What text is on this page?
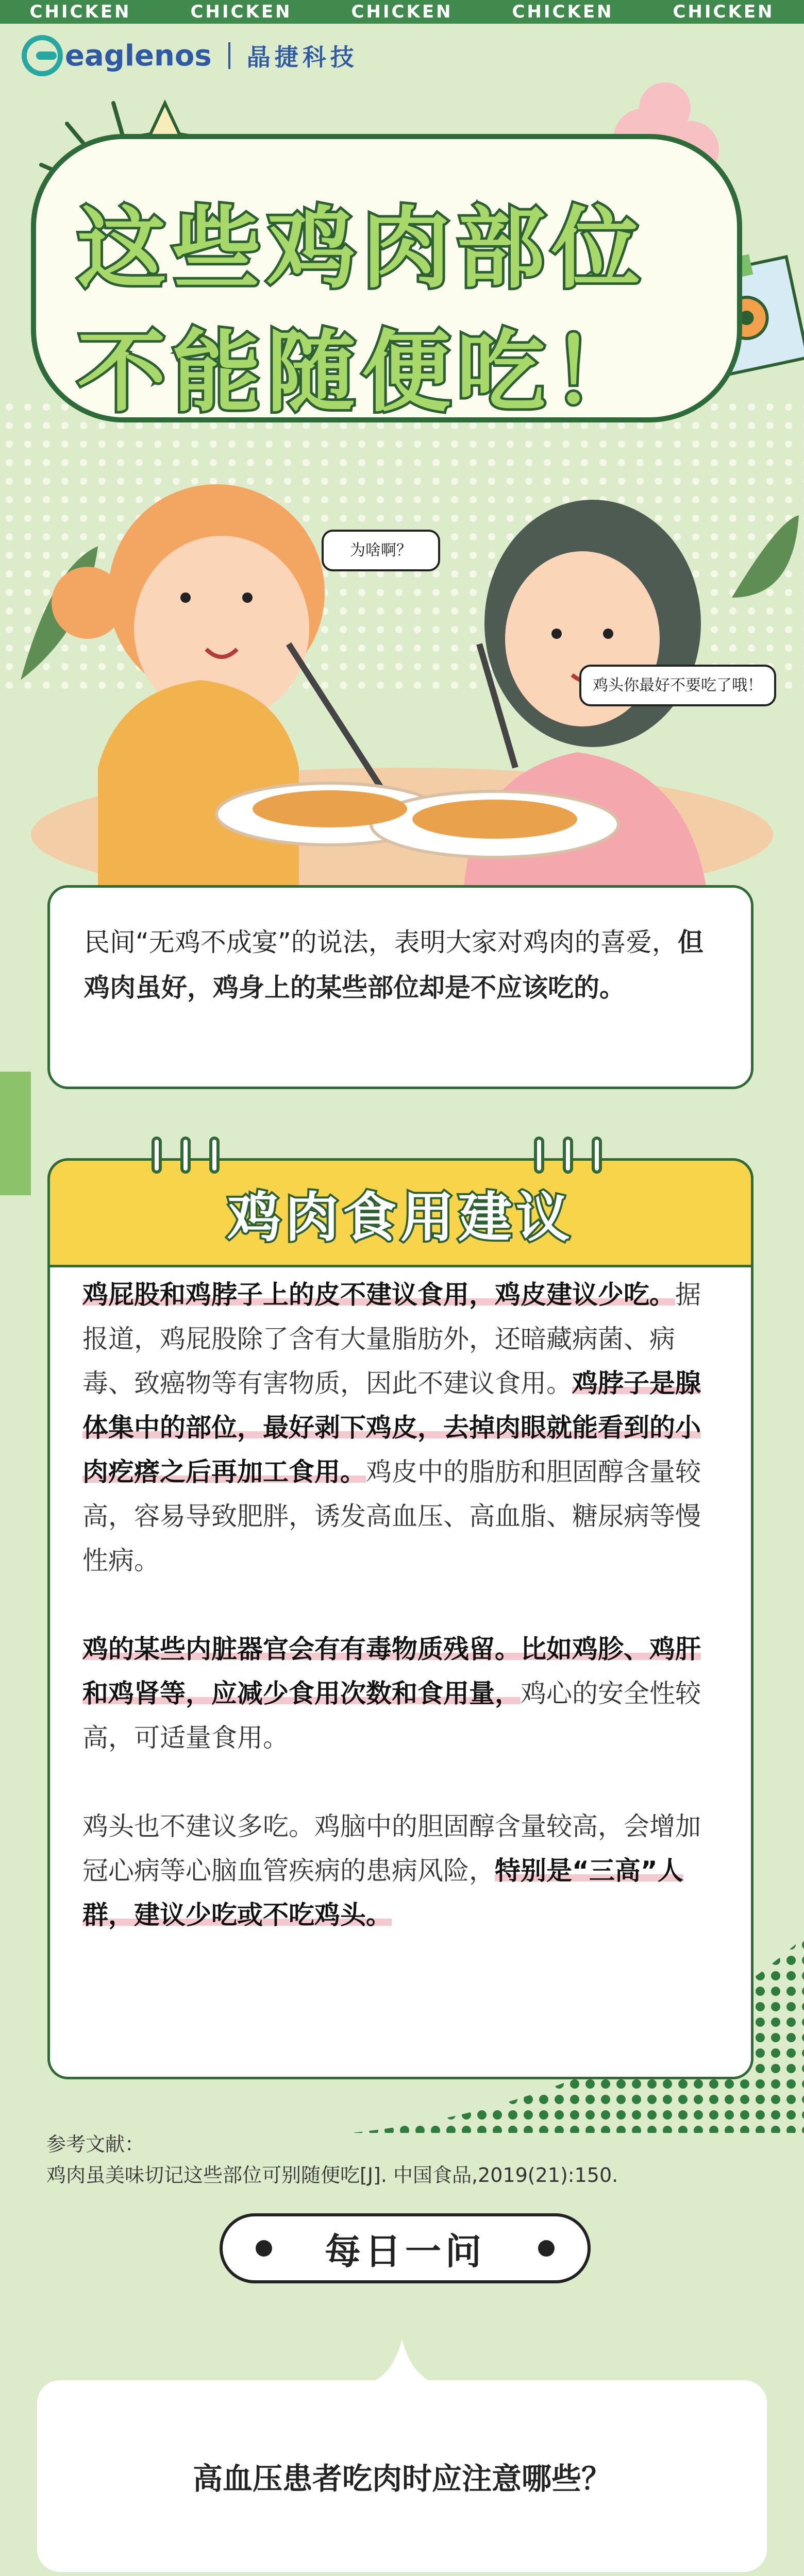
CHICKEN	CHICKEN	CHICKEN	CHICKEN	CHICKEN
eaglenos 晶捷科技
这些鸡肉部位
不能随便吃！
为啥啊？
鸡头你最好不要吃了哦！
民间“无鸡不成宴”的说法，表明大家对鸡肉的喜爱，但鸡肉虽好，鸡身上的某些部位却是不应该吃的。
鸡肉食用建议

鸡屁股和鸡脖子上的皮不建议食用，鸡皮建议少吃。据报道，鸡屁股除了含有大量脂肪外，还暗藏病菌、病毒、致癌物等有害物质，因此不建议食用。鸡脖子是腺体集中的部位，最好剥下鸡皮，去掉肉眼就能看到的小肉疙瘩之后再加工食用。鸡皮中的脂肪和胆固醇含量较高，容易导致肥胖，诱发高血压、高血脂、糖尿病等慢性病。

鸡的某些内脏器官会有有毒物质残留。比如鸡胗、鸡肝和鸡肾等，应减少食用次数和食用量，鸡心的安全性较高，可适量食用。

鸡头也不建议多吃。鸡脑中的胆固醇含量较高，会增加冠心病等心脑血管疾病的患病风险，特别是“三高”人群，建议少吃或不吃鸡头。

参考文献：
鸡肉虽美味切记这些部位可别随便吃[J]. 中国食品,2019(21):150.
每日一问
高血压患者吃肉时应注意哪些？
